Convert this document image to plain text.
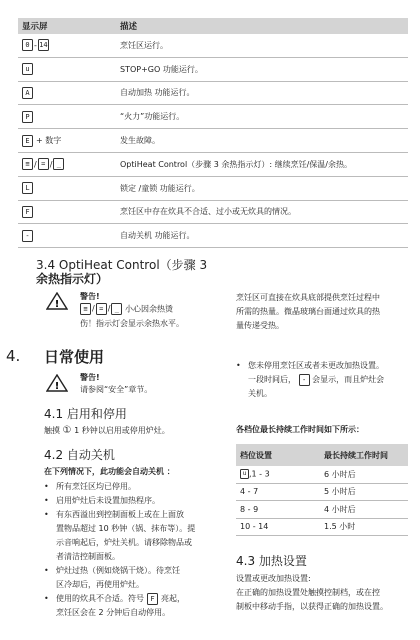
显示屏	描述
0 - 14	烹饪区运行。
u	STOP+GO 功能运行。
A	自动加热 功能运行。
P	“火力”功能运行。
E + 数字	发生故障。
≡ / = / _	OptiHeat Control（步骤 3 余热指示灯）: 继续烹饪/保温/余热。
L	锁定 /童锁 功能运行。
F	烹饪区中存在炊具不合适、过小或无炊具的情况。
-	自动关机 功能运行。
3.4 OptiHeat Control（步骤 3
余热指示灯）
!
警告!
≡ / = / _ 小心因余热烫
伤！指示灯会显示余热水平。
烹饪区可直接在炊具底部提供烹饪过程中
所需的热量。微晶玻璃台面通过炊具的热
量传递受热。
4. 日常使用
!
警告!
请参阅“安全”章节。
4.1 启用和停用
触摸 ① 1 秒钟以启用或停用炉灶。
4.2 自动关机
在下列情况下，此功能会自动关机 ：
• 所有烹饪区均已停用。
• 启用炉灶后未设置加热程序。
• 有东西溢出到控制面板上或在上面放
置物品超过 10 秒钟（锅、抹布等）。提
示音响起后，炉灶关机。请移除物品或
者清洁控制面板。
• 炉灶过热（例如烧锅干烧）。待烹饪
区冷却后，再使用炉灶。
• 使用的炊具不合适。符号 F 亮起，
烹饪区会在 2 分钟后自动停用。
• 您未停用烹饪区或者未更改加热设置。
一段时间后， - 会显示，而且炉灶会
关机。
各档位最长持续工作时间如下所示：
档位设置	最长持续工作时间
u ,1 - 3	6 小时后
4 - 7	5 小时后
8 - 9	4 小时后
10 - 14	1.5 小时
4.3 加热设置
设置或更改加热设置:
在正确的加热设置处触摸控制档，或在控
制板中移动手指，以获得正确的加热设置。
